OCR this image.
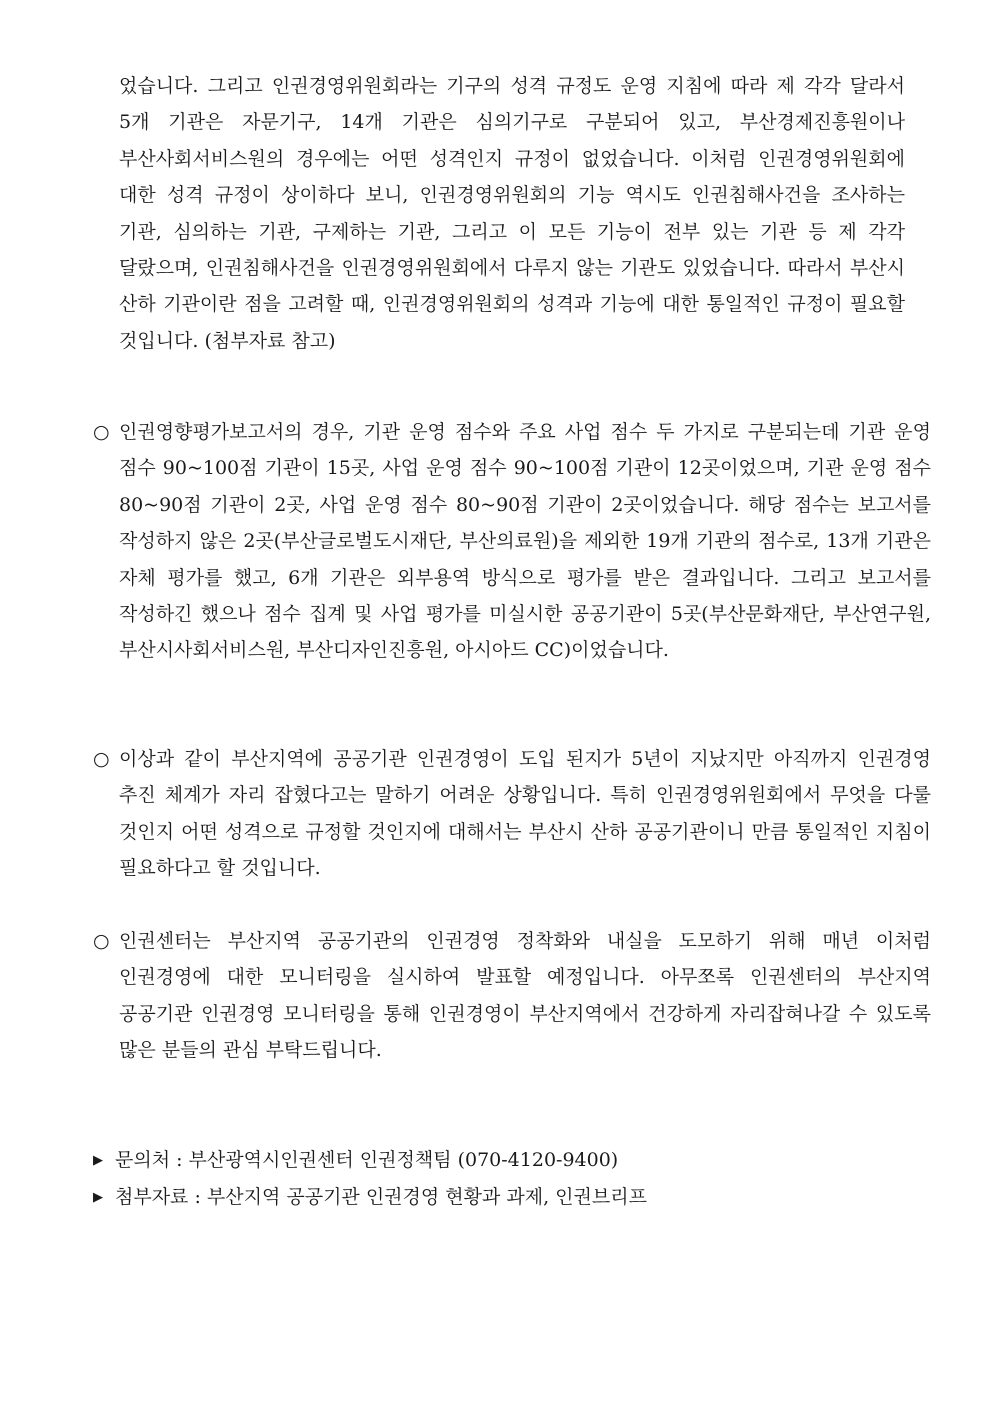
었습니다. 그리고 인권경영위원회라는 기구의 성격 규정도 운영 지침에 따라 제 각각 달라서 5개 기관은 자문기구, 14개 기관은 심의기구로 구분되어 있고, 부산경제진흥원이나 부산사회서비스원의 경우에는 어떤 성격인지 규정이 없었습니다. 이처럼 인권경영위원회에 대한 성격 규정이 상이하다 보니, 인권경영위원회의 기능 역시도 인권침해사건을 조사하는 기관, 심의하는 기관, 구제하는 기관, 그리고 이 모든 기능이 전부 있는 기관 등 제 각각 달랐으며, 인권침해사건을 인권경영위원회에서 다루지 않는 기관도 있었습니다. 따라서 부산시 산하 기관이란 점을 고려할 때, 인권경영위원회의 성격과 기능에 대한 통일적인 규정이 필요할 것입니다. (첨부자료 참고)

○ 인권영향평가보고서의 경우, 기관 운영 점수와 주요 사업 점수 두 가지로 구분되는데 기관 운영 점수 90~100점 기관이 15곳, 사업 운영 점수 90~100점 기관이 12곳이었으며, 기관 운영 점수 80~90점 기관이 2곳, 사업 운영 점수 80~90점 기관이 2곳이었습니다. 해당 점수는 보고서를 작성하지 않은 2곳(부산글로벌도시재단, 부산의료원)을 제외한 19개 기관의 점수로, 13개 기관은 자체 평가를 했고, 6개 기관은 외부용역 방식으로 평가를 받은 결과입니다. 그리고 보고서를 작성하긴 했으나 점수 집계 및 사업 평가를 미실시한 공공기관이 5곳(부산문화재단, 부산연구원, 부산시사회서비스원, 부산디자인진흥원, 아시아드 CC)이었습니다.

○ 이상과 같이 부산지역에 공공기관 인권경영이 도입 된지가 5년이 지났지만 아직까지 인권경영 추진 체계가 자리 잡혔다고는 말하기 어려운 상황입니다. 특히 인권경영위원회에서 무엇을 다룰 것인지 어떤 성격으로 규정할 것인지에 대해서는 부산시 산하 공공기관이니 만큼 통일적인 지침이 필요하다고 할 것입니다.

○ 인권센터는 부산지역 공공기관의 인권경영 정착화와 내실을 도모하기 위해 매년 이처럼 인권경영에 대한 모니터링을 실시하여 발표할 예정입니다. 아무쪼록 인권센터의 부산지역 공공기관 인권경영 모니터링을 통해 인권경영이 부산지역에서 건강하게 자리잡혀나갈 수 있도록 많은 분들의 관심 부탁드립니다.

▶ 문의처 : 부산광역시인권센터 인권정책팀 (070-4120-9400)
▶ 첨부자료 : 부산지역 공공기관 인권경영 현황과 과제, 인권브리프
